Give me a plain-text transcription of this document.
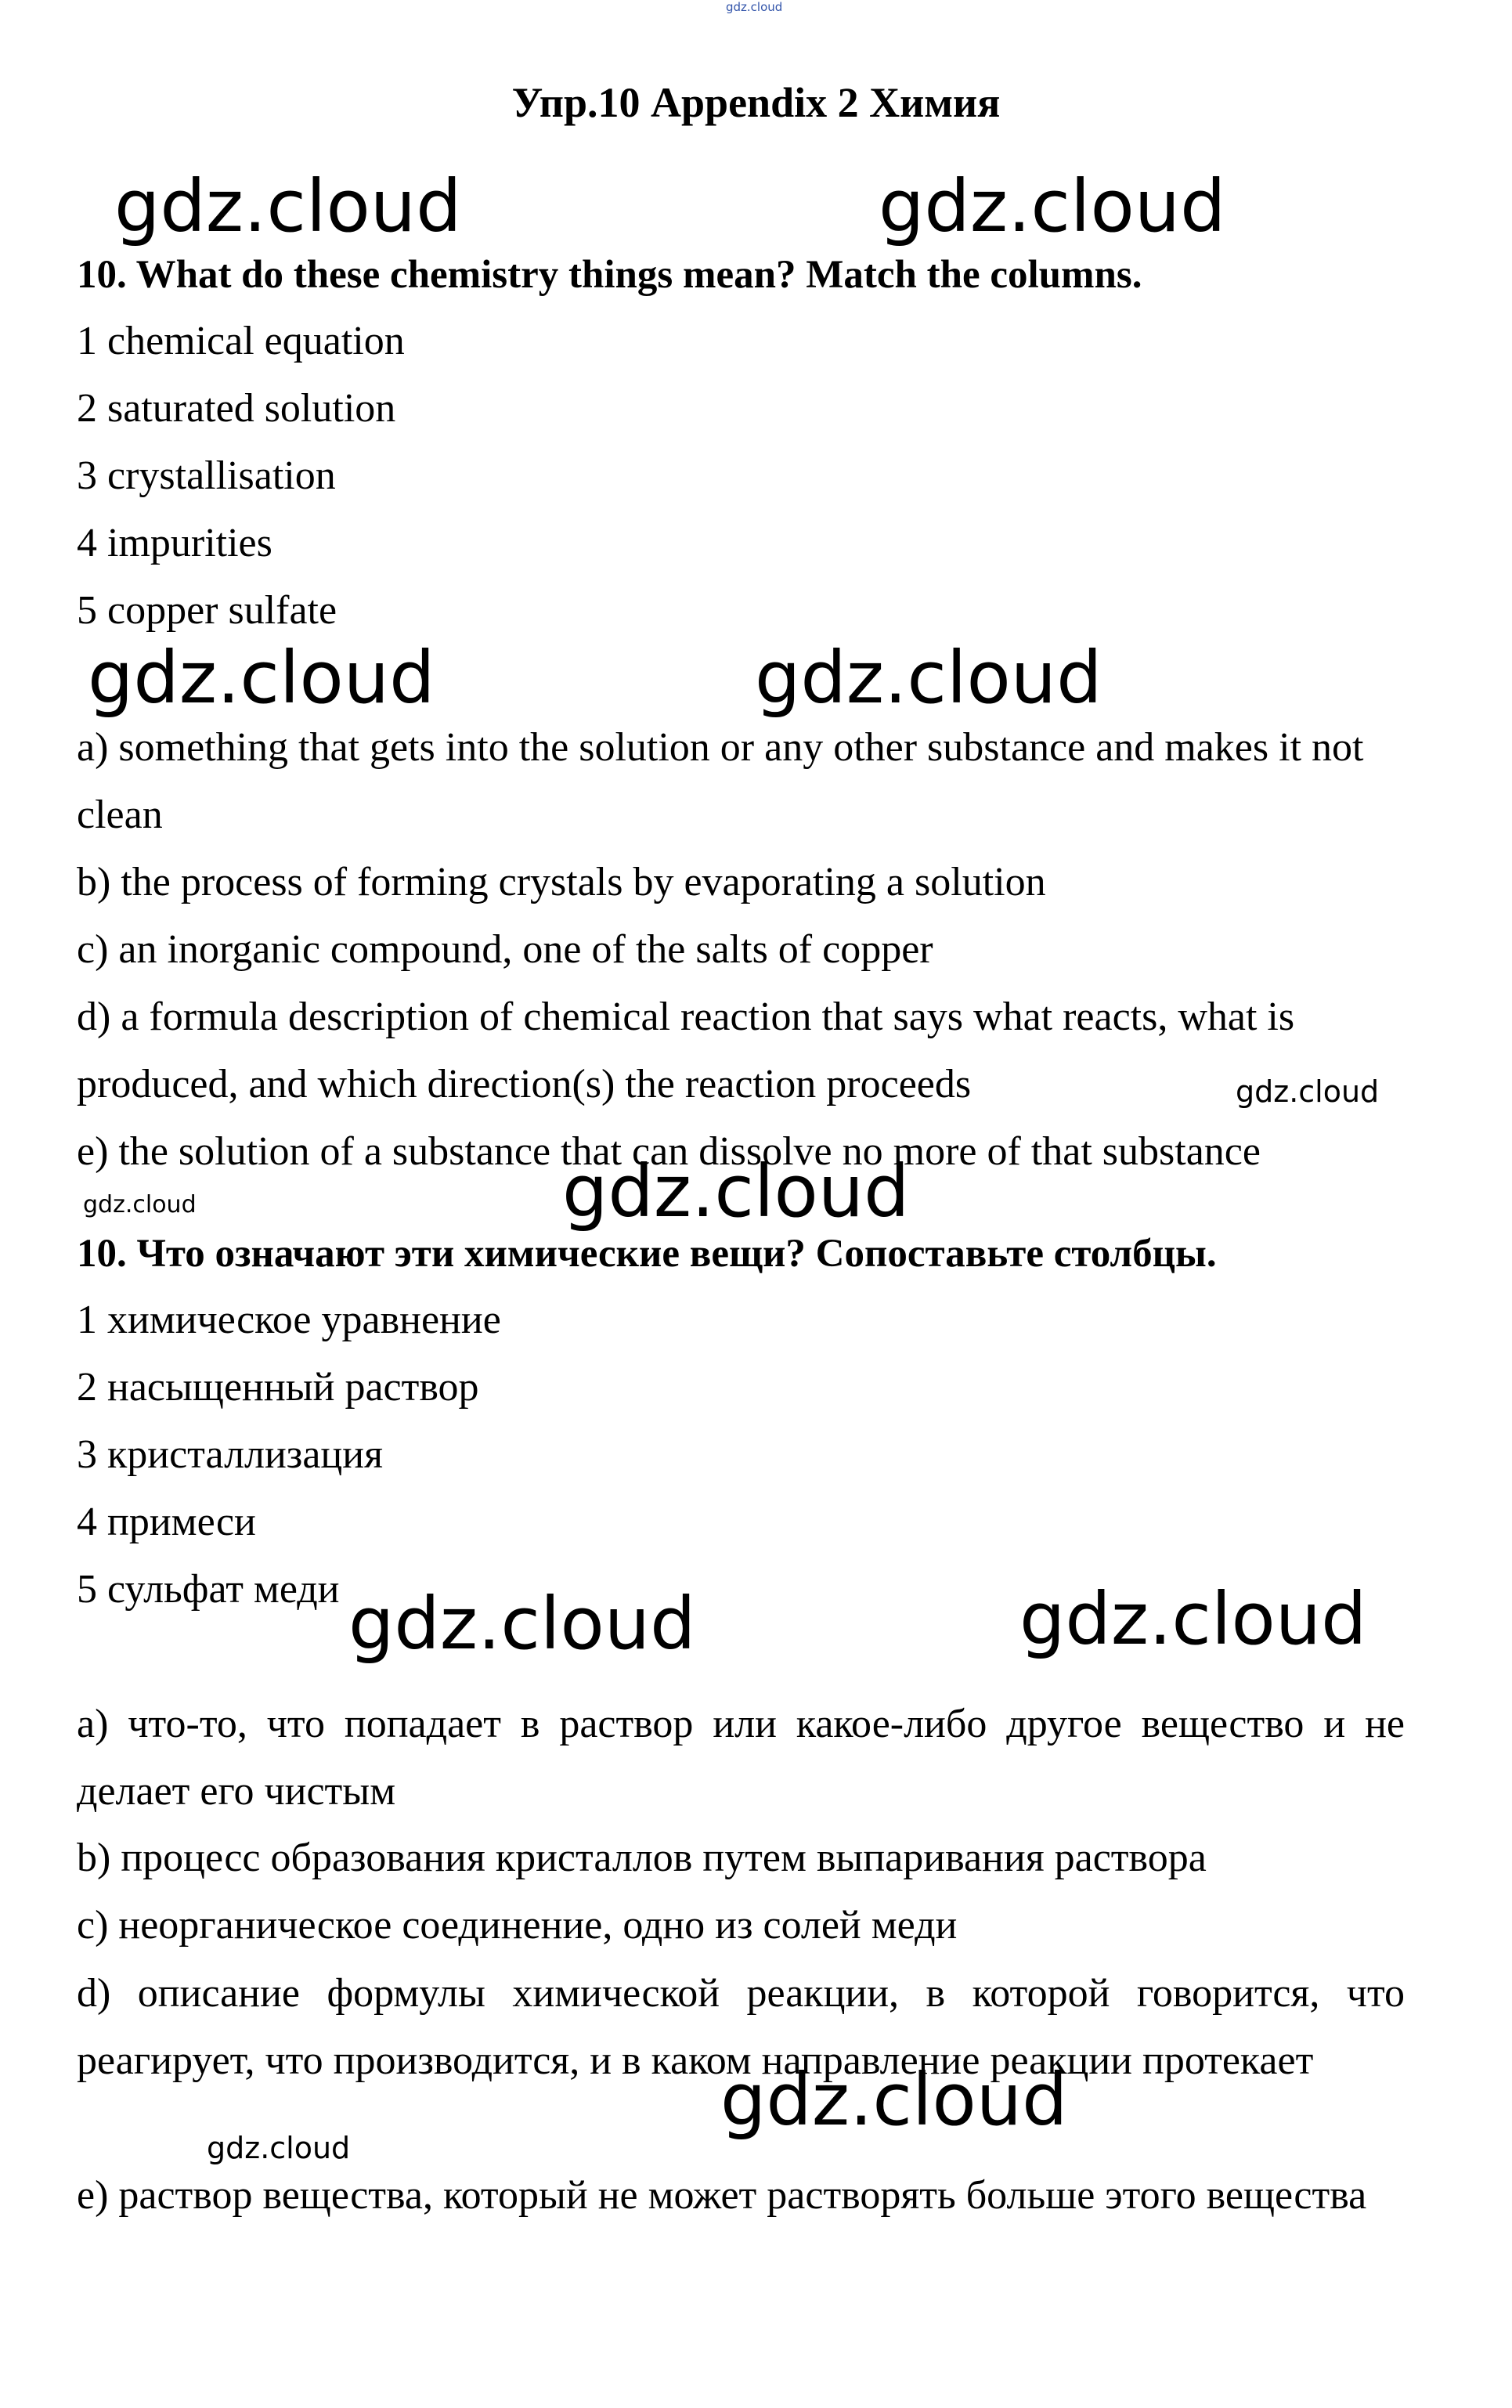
gdz.cloud
Упр.10 Appendix 2 Химия
10. What do these chemistry things mean? Match the columns.
1 chemical equation
2 saturated solution
3 crystallisation
4 impurities
5 copper sulfate
a) something that gets into the solution or any other substance and makes it not clean
b) the process of forming crystals by evaporating a solution
c) an inorganic compound, one of the salts of copper
d) a formula description of chemical reaction that says what reacts, what is produced, and which direction(s) the reaction proceeds
e) the solution of a substance that can dissolve no more of that substance
10. Что означают эти химические вещи? Сопоставьте столбцы.
1 химическое уравнение
2 насыщенный раствор
3 кристаллизация
4 примеси
5 сульфат меди
a) что-то, что попадает в раствор или какое-либо другое вещество и не делает его чистым
b) процесс образования кристаллов путем выпаривания раствора
c) неорганическое соединение, одно из солей меди
d) описание формулы химической реакции, в которой говорится, что реагирует, что производится, и в каком направление реакции протекает
e) раствор вещества, который не может растворять больше этого вещества
gdz.cloud	gdz.cloud
gdz.cloud	gdz.cloud
gdz.cloud
gdz.cloud
gdz.cloud
gdz.cloud	gdz.cloud
gdz.cloud
gdz.cloud
